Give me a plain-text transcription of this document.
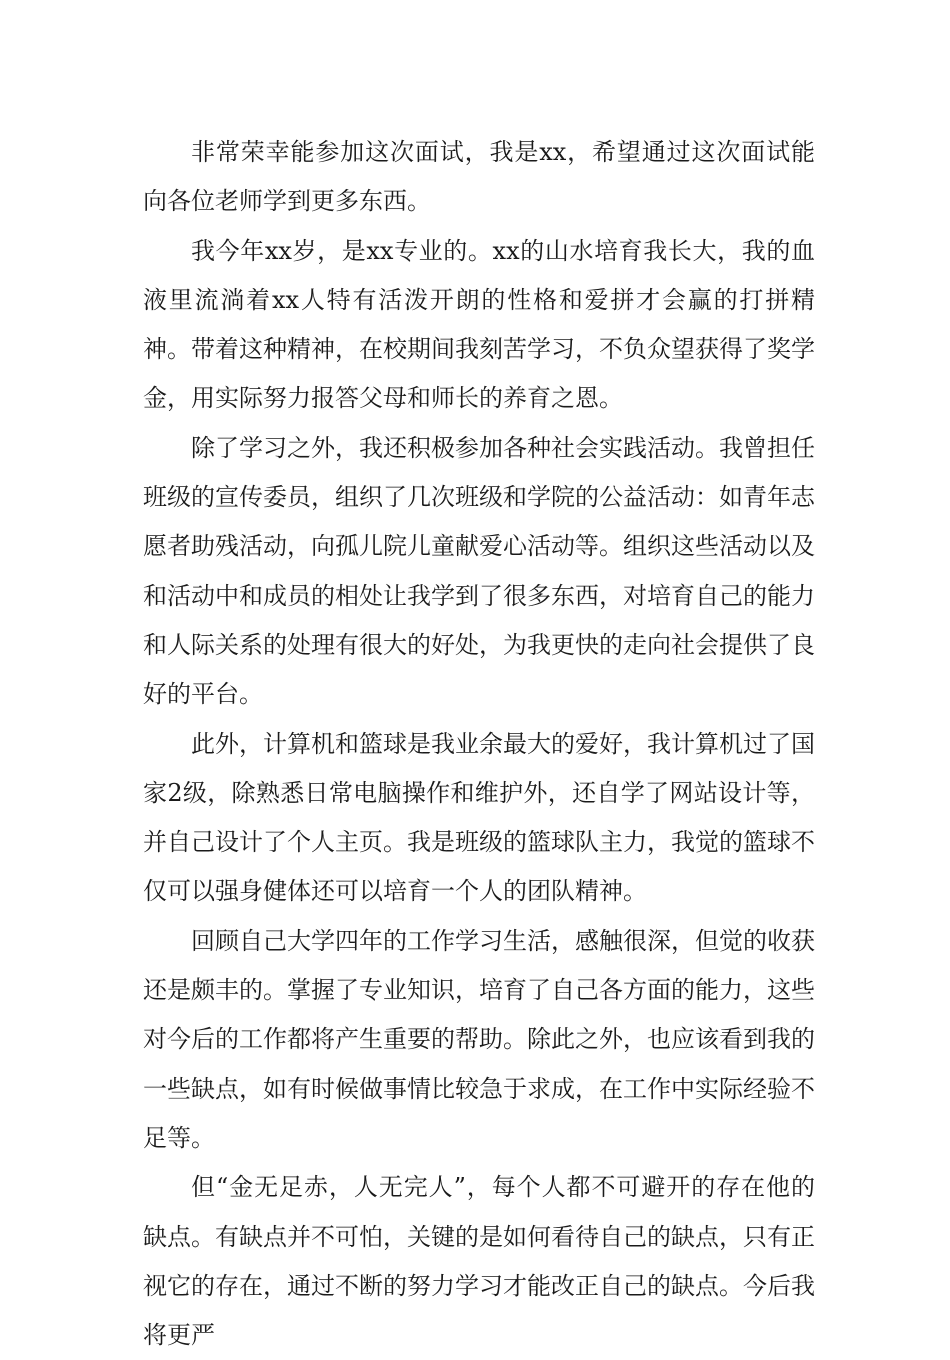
非常荣幸能参加这次面试，我是xx，希望通过这次面试能向各位老师学到更多东西。

我今年xx岁，是xx专业的。xx的山水培育我长大，我的血液里流淌着xx人特有活泼开朗的性格和爱拼才会赢的打拼精神。带着这种精神，在校期间我刻苦学习，不负众望获得了奖学金，用实际努力报答父母和师长的养育之恩。

除了学习之外，我还积极参加各种社会实践活动。我曾担任班级的宣传委员，组织了几次班级和学院的公益活动：如青年志愿者助残活动，向孤儿院儿童献爱心活动等。组织这些活动以及和活动中和成员的相处让我学到了很多东西，对培育自己的能力和人际关系的处理有很大的好处，为我更快的走向社会提供了良好的平台。

此外，计算机和篮球是我业余最大的爱好，我计算机过了国家2级，除熟悉日常电脑操作和维护外，还自学了网站设计等，并自己设计了个人主页。我是班级的篮球队主力，我觉的篮球不仅可以强身健体还可以培育一个人的团队精神。

回顾自己大学四年的工作学习生活，感触很深，但觉的收获还是颇丰的。掌握了专业知识，培育了自己各方面的能力，这些对今后的工作都将产生重要的帮助。除此之外，也应该看到我的一些缺点，如有时候做事情比较急于求成，在工作中实际经验不足等。

但“金无足赤，人无完人”，每个人都不可避开的存在他的缺点。有缺点并不可怕，关键的是如何看待自己的缺点，只有正视它的存在，通过不断的努力学习才能改正自己的缺点。今后我将更严
